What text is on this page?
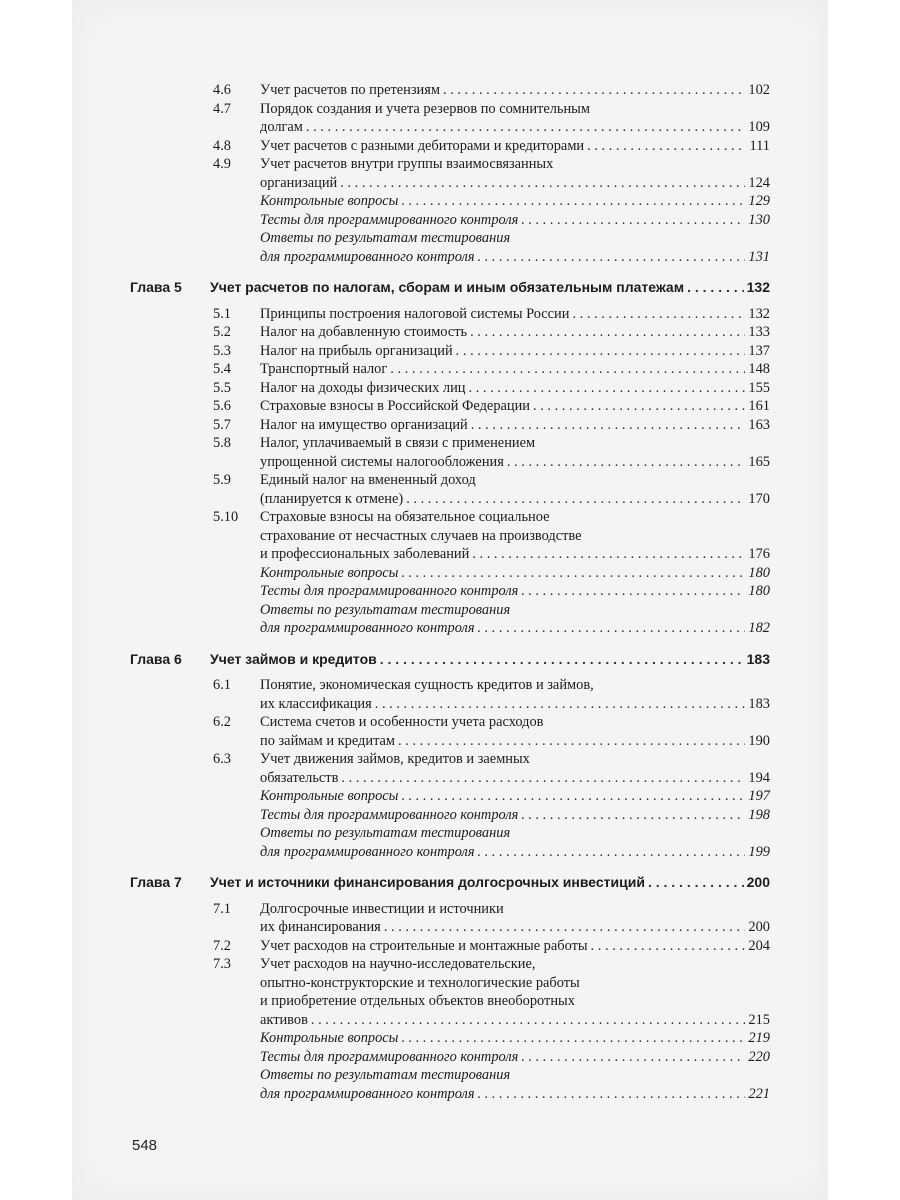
4.6 Учет расчетов по претензиям . . .	102
4.7 Порядок создания и учета резервов по сомнительным
долгам . . .	109
4.8 Учет расчетов с разными дебиторами и кредиторами . . .	111
4.9 Учет расчетов внутри группы взаимосвязанных
организаций . . .	124
Контрольные вопросы . . .	129
Тесты для программированного контроля . . .	130
Ответы по результатам тестирования
для программированного контроля . . .	131
Глава 5 Учет расчетов по налогам, сборам и иным обязательным платежам . . .	132
5.1 Принципы построения налоговой системы России . . .	132
5.2 Налог на добавленную стоимость . . .	133
5.3 Налог на прибыль организаций . . .	137
5.4 Транспортный налог . . .	148
5.5 Налог на доходы физических лиц . . .	155
5.6 Страховые взносы в Российской Федерации . . .	161
5.7 Налог на имущество организаций . . .	163
5.8 Налог, уплачиваемый в связи с применением
упрощенной системы налогообложения . . .	165
5.9 Единый налог на вмененный доход
(планируется к отмене) . . .	170
5.10 Страховые взносы на обязательное социальное
страхование от несчастных случаев на производстве
и профессиональных заболеваний . . .	176
Контрольные вопросы . . .	180
Тесты для программированного контроля . . .	180
Ответы по результатам тестирования
для программированного контроля . . .	182
Глава 6 Учет займов и кредитов . . .	183
6.1 Понятие, экономическая сущность кредитов и займов,
их классификация . . .	183
6.2 Система счетов и особенности учета расходов
по займам и кредитам . . .	190
6.3 Учет движения займов, кредитов и заемных
обязательств . . .	194
Контрольные вопросы . . .	197
Тесты для программированного контроля . . .	198
Ответы по результатам тестирования
для программированного контроля . . .	199
Глава 7 Учет и источники финансирования долгосрочных инвестиций . . .	200
7.1 Долгосрочные инвестиции и источники
их финансирования . . .	200
7.2 Учет расходов на строительные и монтажные работы . . .	204
7.3 Учет расходов на научно-исследовательские,
опытно-конструкторские и технологические работы
и приобретение отдельных объектов внеоборотных
активов . . .	215
Контрольные вопросы . . .	219
Тесты для программированного контроля . . .	220
Ответы по результатам тестирования
для программированного контроля . . .	221
548
